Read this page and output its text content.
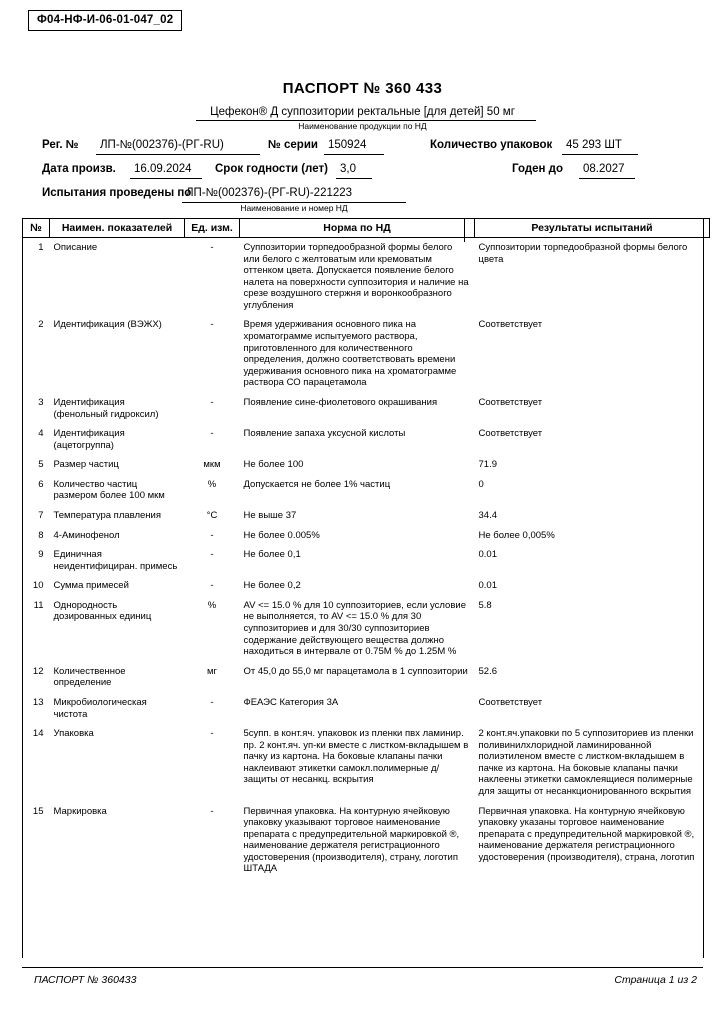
Ф04-НФ-И-06-01-047_02
ПАСПОРТ № 360 433
Цефекон® Д суппозитории ректальные [для детей] 50 мг
Наименование продукции по НД
Рег. № ЛП-№(002376)-(РГ-RU)	№ серии 150924	Количество упаковок 45 293 ШТ
Дата произв. 16.09.2024 Срок годности (лет) 3,0	Годен до 08.2027
Испытания проведены по
ЛП-№(002376)-(РГ-RU)-221223
Наименование и номер НД
№	Наимен. показателей	Ед. изм.	Норма по НД	Результаты испытаний
1	Описание	-	Суппозитории торпедообразной формы белого или белого с желтоватым или кремоватым оттенком цвета. Допускается появление белого налета на поверхности суппозитория и наличие на срезе воздушного стержня и воронкообразного углубления	Суппозитории торпедообразной формы белого цвета
2	Идентификация (ВЭЖХ)	-	Время удерживания основного пика на хроматограмме испытуемого раствора, приготовленного для количественного определения, должно соответствовать времени удерживания основного пика на хроматограмме раствора СО парацетамола	Соответствует
3	Идентификация (фенольный гидроксил)	-	Появление сине-фиолетового окрашивания	Соответствует
4	Идентификация (ацетогруппа)	-	Появление запаха уксусной кислоты	Соответствует
5	Размер частиц	мкм	Не более 100	71.9
6	Количество частиц размером более 100 мкм	%	Допускается не более 1% частиц	0
7	Температура плавления	°C	Не выше 37	34.4
8	4-Аминофенол	-	Не более 0.005%	Не более 0,005%
9	Единичная неидентифициран. примесь	-	Не более 0,1	0.01
10	Сумма примесей	-	Не более 0,2	0.01
11	Однородность дозированных единиц	%	AV <= 15.0 % для 10 суппозиториев, если условие не выполняется, то AV <= 15.0 % для 30 суппозиториев и для 30/30 суппозиториев содержание действующего вещества должно находиться в интервале от 0.75M % до 1.25M %	5.8
12	Количественное определение	мг	От 45,0 до 55,0 мг парацетамола в 1 суппозитории	52.6
13	Микробиологическая чистота	-	ФЕАЭС Категория 3А	Соответствует
14	Упаковка	-	5супп. в конт.яч. упаковок из пленки пвх ламинир. пр. 2 конт.яч. уп-ки вместе с листком-вкладышем в пачку из картона. На боковые клапаны пачки наклеивают этикетки самокл.полимерные д/защиты от несанкц. вскрытия	2 конт.яч.упаковки по 5 суппозиториев из пленки поливинилхлоридной ламинированной полиэтиленом вместе с листком-вкладышем в пачке из картона. На боковые клапаны пачки наклеены этикетки самоклеящиеся полимерные для защиты от несанкционированного вскрытия
15	Маркировка	-	Первичная упаковка. На контурную ячейковую упаковку указывают торговое наименование препарата с предупредительной маркировкой ®, наименование держателя регистрационного удостоверения (производителя), страну, логотип ШТАДА	Первичная упаковка. На контурную ячейковую упаковку указаны торговое наименование препарата с предупредительной маркировкой ®, наименование держателя регистрационного удостоверения (производителя), страна, логотип
ПАСПОРТ № 360433	Страница 1 из 2
